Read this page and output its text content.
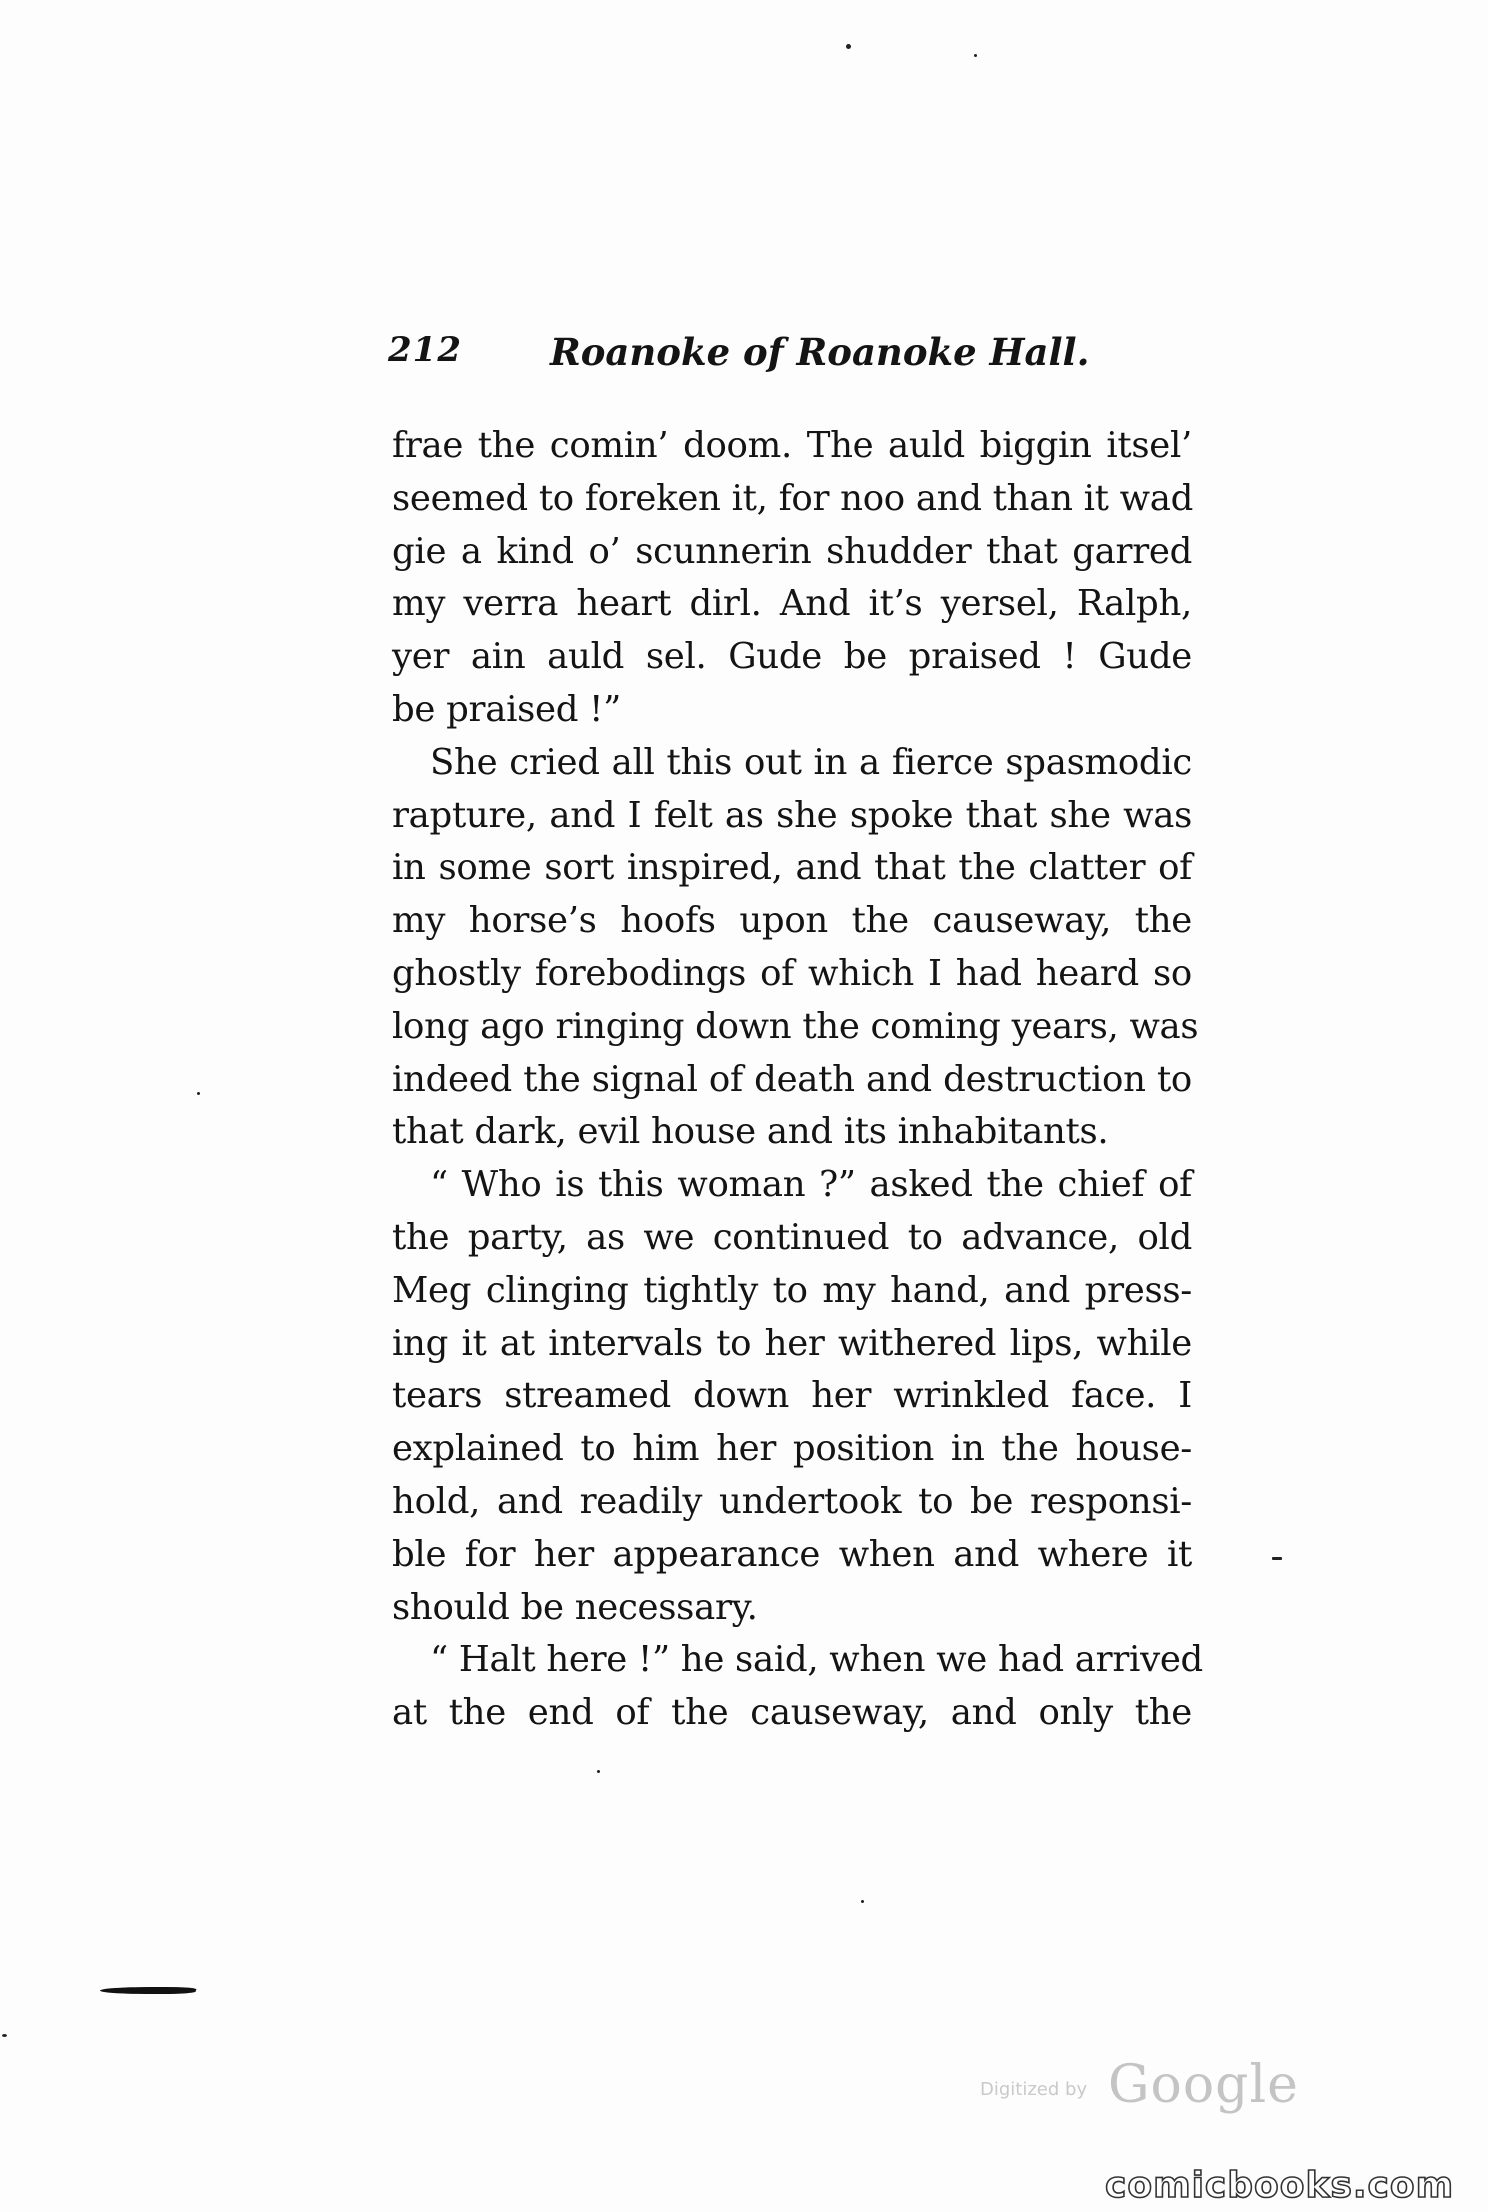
212 Roanoke of Roanoke Hall.
frae the comin’ doom. The auld biggin itsel’
seemed to foreken it, for noo and than it wad
gie a kind o’ scunnerin shudder that garred
my verra heart dirl. And it’s yersel, Ralph,
yer ain auld sel. Gude be praised ! Gude
be praised !”
She cried all this out in a fierce spasmodic
rapture, and I felt as she spoke that she was
in some sort inspired, and that the clatter of
my horse’s hoofs upon the causeway, the
ghostly forebodings of which I had heard so
long ago ringing down the coming years, was
indeed the signal of death and destruction to
that dark, evil house and its inhabitants.
“ Who is this woman ?” asked the chief of
the party, as we continued to advance, old
Meg clinging tightly to my hand, and press-
ing it at intervals to her withered lips, while
tears streamed down her wrinkled face. I
explained to him her position in the house-
hold, and readily undertook to be responsi-
ble for her appearance when and where it
should be necessary.
“ Halt here !” he said, when we had arrived
at the end of the causeway, and only the
Digitized by Google
comicbooks.com
